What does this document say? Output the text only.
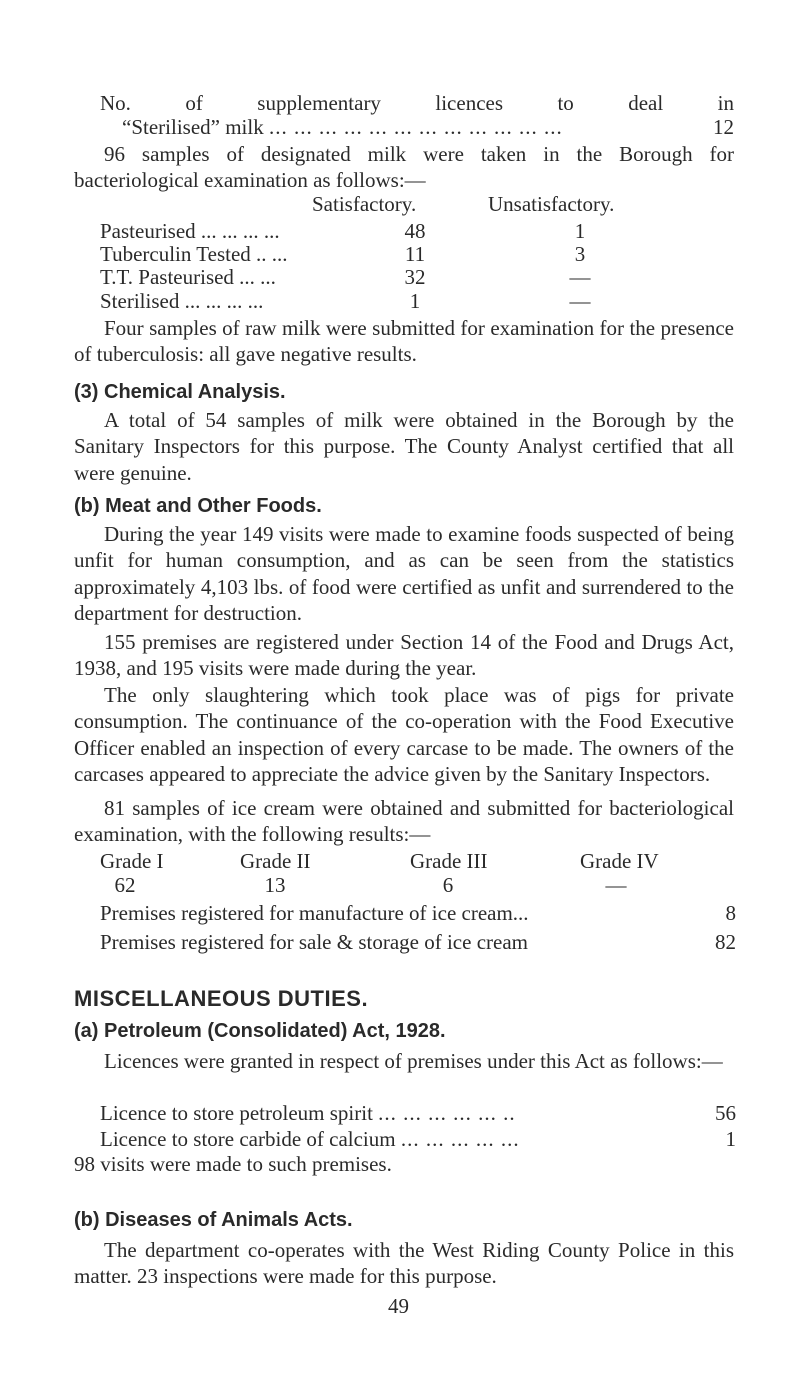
No. of supplementary licences to deal in
“Sterilised” milk ... ... ... ... ... ... ... ... ... ... ... ...	12
96 samples of designated milk were taken in the Borough for bacteriological examination as follows:—
Satisfactory.	Unsatisfactory.
Pasteurised ... ... ... ...	48	1
Tuberculin Tested .. ...	11	3
T.T. Pasteurised ... ...	32	—
Sterilised ... ... ... ...	1	—
Four samples of raw milk were submitted for examination for the presence of tuberculosis: all gave negative results.
(3) Chemical Analysis.
A total of 54 samples of milk were obtained in the Borough by the Sanitary Inspectors for this purpose. The County Analyst certified that all were genuine.
(b) Meat and Other Foods.
During the year 149 visits were made to examine foods suspected of being unfit for human consumption, and as can be seen from the statistics approximately 4,103 lbs. of food were certified as unfit and surrendered to the department for destruction.
155 premises are registered under Section 14 of the Food and Drugs Act, 1938, and 195 visits were made during the year.
The only slaughtering which took place was of pigs for private consumption. The continuance of the co-operation with the Food Executive Officer enabled an inspection of every carcase to be made. The owners of the carcases appeared to appreciate the advice given by the Sanitary Inspectors.
81 samples of ice cream were obtained and submitted for bacteriological examination, with the following results:—
Grade I	Grade II	Grade III	Grade IV
62	13	6	—
Premises registered for manufacture of ice cream...	8
Premises registered for sale & storage of ice cream	82
MISCELLANEOUS DUTIES.
(a) Petroleum (Consolidated) Act, 1928.
Licences were granted in respect of premises under this Act as follows:—
Licence to store petroleum spirit ... ... ... ... ... ..	56
Licence to store carbide of calcium ... ... ... ... ...	1
98 visits were made to such premises.
(b) Diseases of Animals Acts.
The department co-operates with the West Riding County Police in this matter. 23 inspections were made for this purpose.
49
